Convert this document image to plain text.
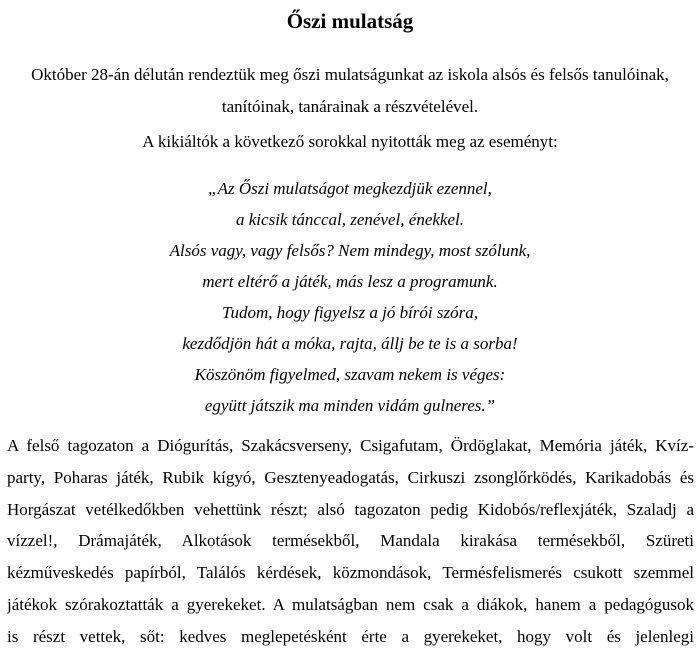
Őszi mulatság
Október 28-án délután rendeztük meg őszi mulatságunkat az iskola alsós és felsős tanulóinak,
tanítóinak, tanárainak a részvételével.
A kikiáltók a következő sorokkal nyitották meg az eseményt:
„Az Őszi mulatságot megkezdjük ezennel,
a kicsik tánccal, zenével, énekkel.
Alsós vagy, vagy felsős? Nem mindegy, most szólunk,
mert eltérő a játék, más lesz a programunk.
Tudom, hogy figyelsz a jó bírói szóra,
kezdődjön hát a móka, rajta, állj be te is a sorba!
Köszönöm figyelmed, szavam nekem is véges:
együtt játszik ma minden vidám gulneres.”
A felső tagozaton a Diógurítás, Szakácsverseny, Csigafutam, Ördöglakat, Memória játék, Kvíz-
party, Poharas játék, Rubik kígyó, Gesztenyeadogatás, Cirkuszi zsonglőrködés, Karikadobás és
Horgászat vetélkedőkben vehettünk részt; alsó tagozaton pedig Kidobós/reflexjáték, Szaladj a
vízzel!, Drámajáték, Alkotások termésekből, Mandala kirakása termésekből, Szüreti
kézműveskedés papírból, Találós kérdések, közmondások, Termésfelismerés csukott szemmel
játékok szórakoztatták a gyerekeket. A mulatságban nem csak a diákok, hanem a pedagógusok
is részt vettek, sőt: kedves meglepetésként érte a gyerekeket, hogy volt és jelenlegi
